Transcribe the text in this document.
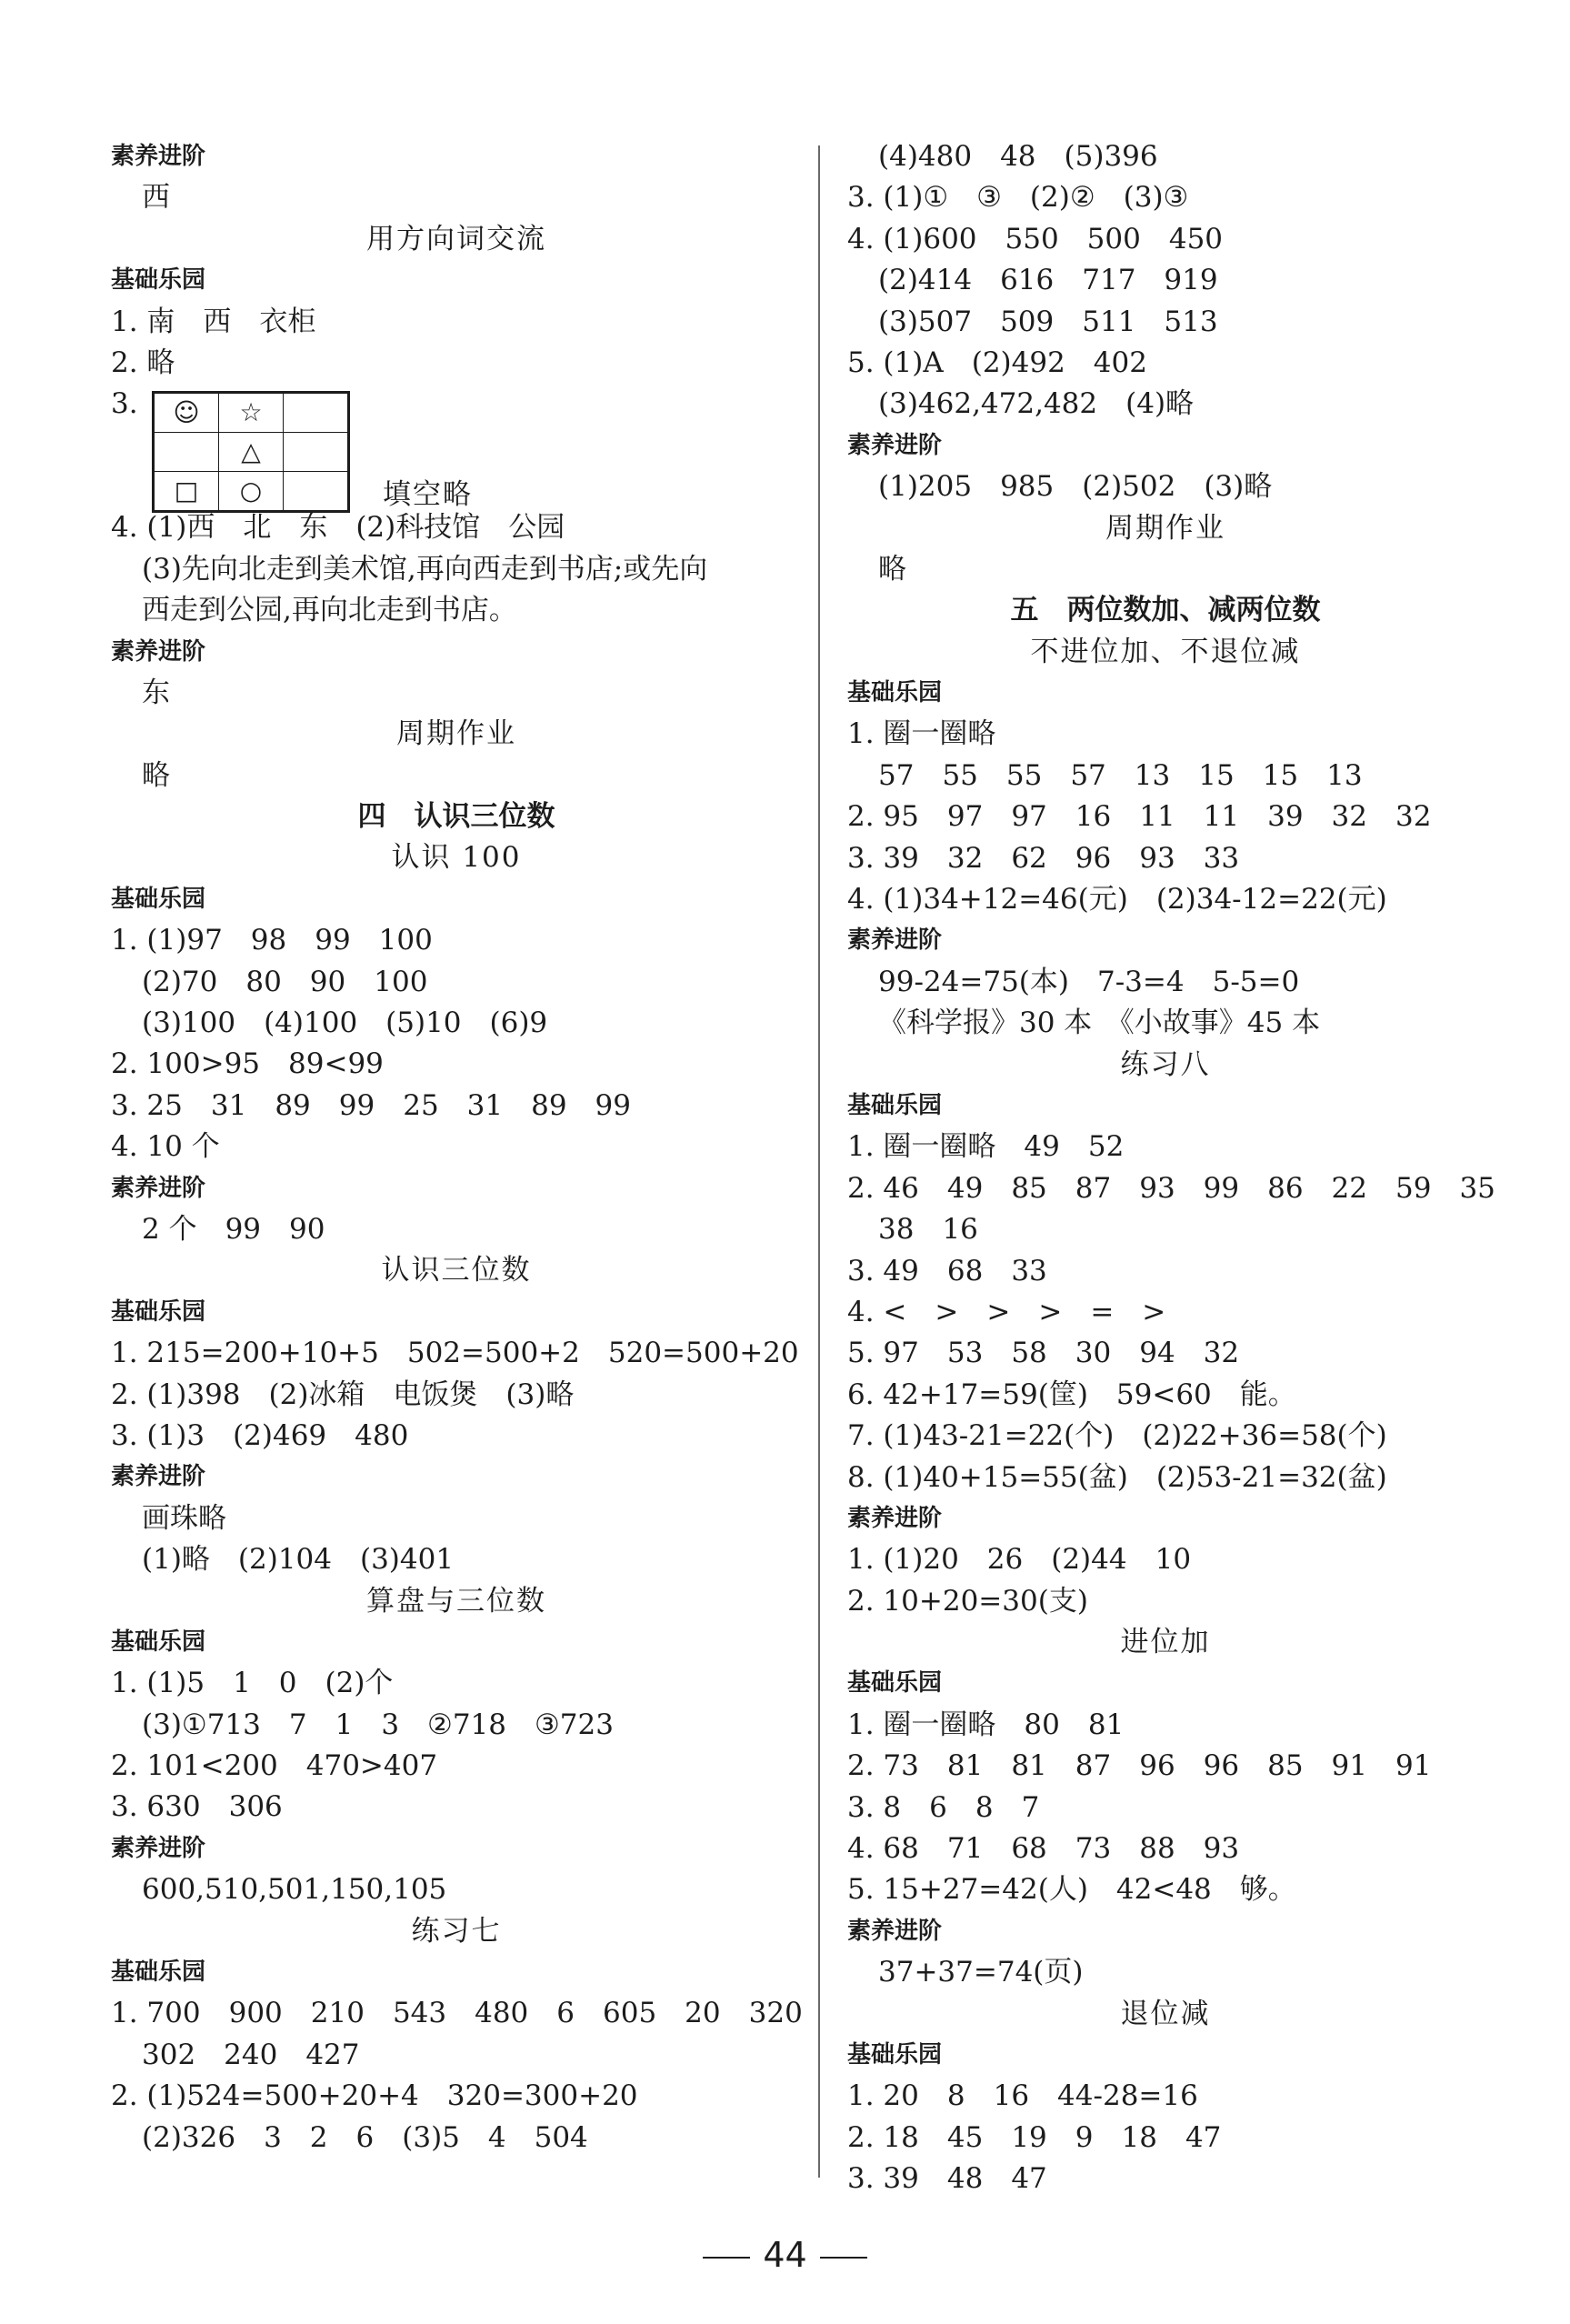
素养进阶
西
用方向词交流
基础乐园
1. 南　西　衣柜
2. 略

3.

☺	☆	
	△	
□	○		填空略

4. (1)西　北　东　(2)科技馆　公园
(3)先向北走到美术馆,再向西走到书店;或先向
西走到公园,再向北走到书店。
素养进阶
东
周期作业
略
四　认识三位数
认识 100
基础乐园
1. (1)97　98　99　100
(2)70　80　90　100
(3)100　(4)100　(5)10　(6)9
2. 100>95　89<99
3. 25　31　89　99　25　31　89　99
4. 10 个
素养进阶
2 个　99　90
认识三位数
基础乐园
1. 215=200+10+5　502=500+2　520=500+20
2. (1)398　(2)冰箱　电饭煲　(3)略
3. (1)3　(2)469　480
素养进阶
画珠略
(1)略　(2)104　(3)401
算盘与三位数
基础乐园
1. (1)5　1　0　(2)个
(3)①713　7　1　3　②718　③723
2. 101<200　470>407
3. 630　306
素养进阶
600,510,501,150,105
练习七
基础乐园
1. 700　900　210　543　480　6　605　20　320
302　240　427
2. (1)524=500+20+4　320=300+20
(2)326　3　2　6　(3)5　4　504
(4)480　48　(5)396
3. (1)①　③　(2)②　(3)③
4. (1)600　550　500　450
(2)414　616　717　919
(3)507　509　511　513
5. (1)A　(2)492　402
(3)462,472,482　(4)略
素养进阶
(1)205　985　(2)502　(3)略
周期作业
略
五　两位数加、减两位数
不进位加、不退位减
基础乐园
1. 圈一圈略
57　55　55　57　13　15　15　13
2. 95　97　97　16　11　11　39　32　32
3. 39　32　62　96　93　33
4. (1)34+12=46(元)　(2)34-12=22(元)
素养进阶
99-24=75(本)　7-3=4　5-5=0
《科学报》30 本　《小故事》45 本
练习八
基础乐园
1. 圈一圈略　49　52
2. 46　49　85　87　93　99　86　22　59　35
38　16
3. 49　68　33
4. <　>　>　>　=　>
5. 97　53　58　30　94　32
6. 42+17=59(筐)　59<60　能。
7. (1)43-21=22(个)　(2)22+36=58(个)
8. (1)40+15=55(盆)　(2)53-21=32(盆)
素养进阶
1. (1)20　26　(2)44　10
2. 10+20=30(支)
进位加
基础乐园
1. 圈一圈略　80　81
2. 73　81　81　87　96　96　85　91　91
3. 8　6　8　7
4. 68　71　68　73　88　93
5. 15+27=42(人)　42<48　够。
素养进阶
37+37=74(页)
退位减
基础乐园
1. 20　8　16　44-28=16
2. 18　45　19　9　18　47
3. 39　48　47
44
